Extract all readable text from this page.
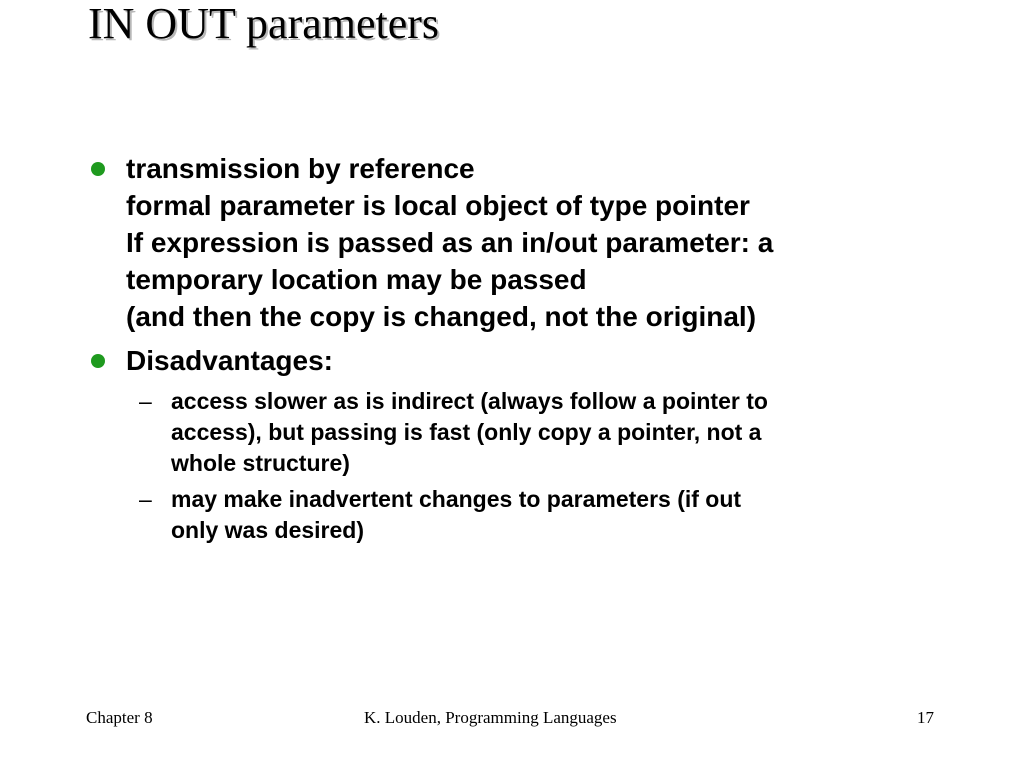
IN OUT parameters
transmission by reference
formal parameter is local object of type pointer
If expression is passed as an in/out parameter: a
temporary location may be passed
(and then the copy is changed, not the original)
Disadvantages:
– access slower as is indirect (always follow a pointer to
access), but passing is fast (only copy a pointer, not a
whole structure)
– may make inadvertent changes to parameters (if out
only was desired)
Chapter 8	K. Louden, Programming Languages	17
